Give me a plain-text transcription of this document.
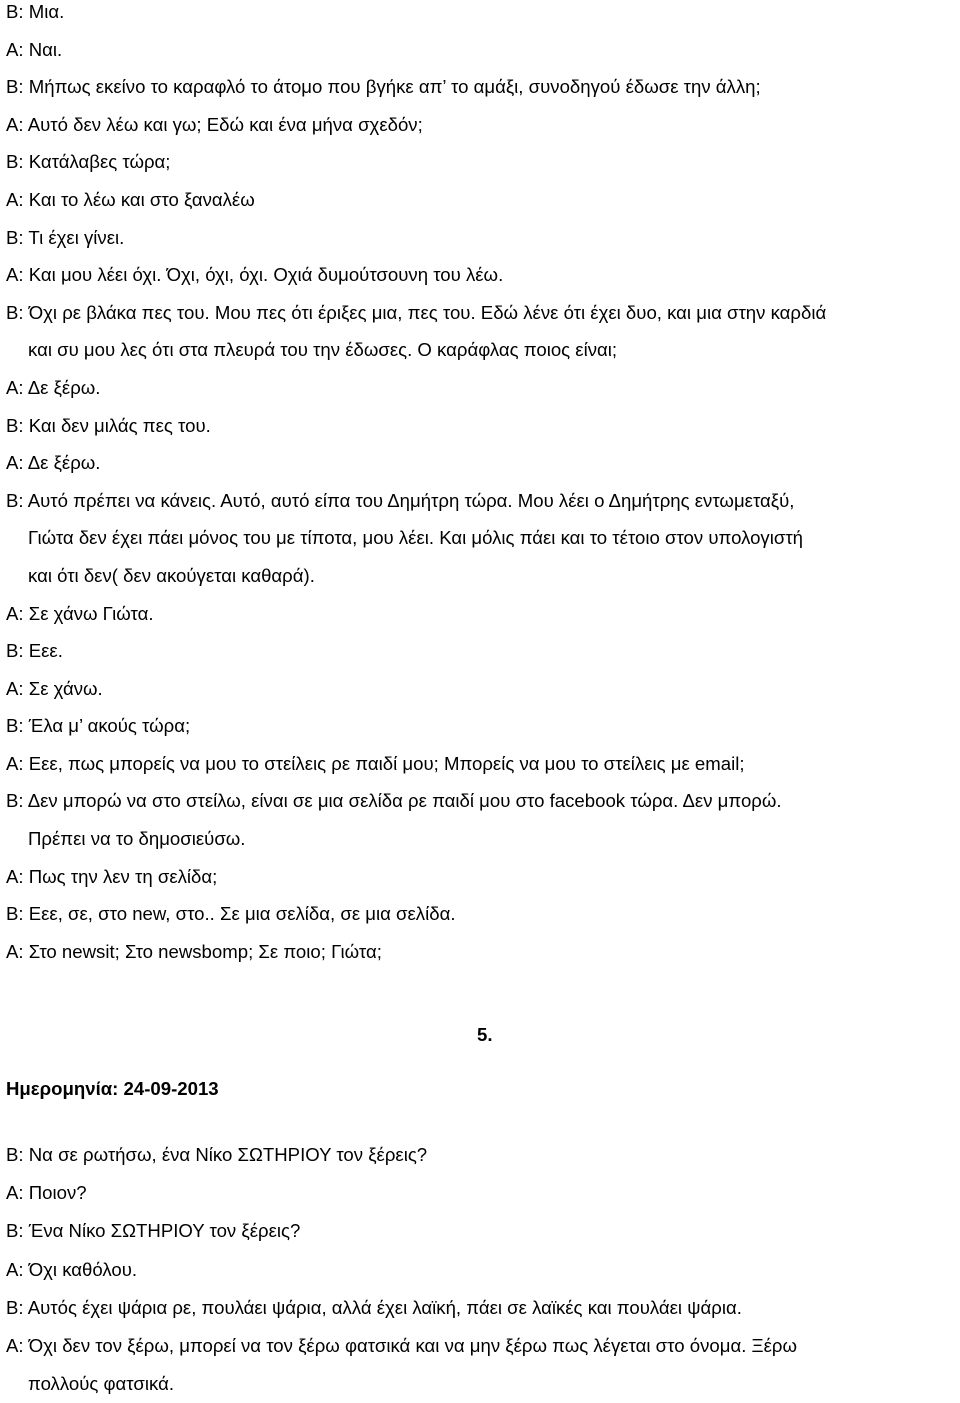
Β: Μια.
Α: Ναι.
Β: Μήπως εκείνο το καραφλό το άτομο που βγήκε απ’ το αμάξι, συνοδηγού έδωσε την άλλη;
Α: Αυτό δεν λέω και γω; Εδώ και ένα μήνα σχεδόν;
Β: Κατάλαβες τώρα;
Α: Και το λέω και στο ξαναλέω
Β: Τι έχει γίνει.
Α: Και μου λέει όχι. Όχι, όχι, όχι. Οχιά δυμούτσουνη του λέω.
Β: Όχι ρε βλάκα πες του. Μου πες ότι έριξες μια, πες του. Εδώ λένε ότι έχει δυο, και μια στην καρδιά
και συ μου λες ότι στα πλευρά του την έδωσες. Ο καράφλας ποιος είναι;
Α: Δε ξέρω.
Β: Και δεν μιλάς πες του.
Α: Δε ξέρω.
Β: Αυτό πρέπει να κάνεις. Αυτό, αυτό είπα του Δημήτρη τώρα. Μου λέει ο Δημήτρης εντωμεταξύ,
Γιώτα δεν έχει πάει μόνος του με τίποτα, μου λέει. Και μόλις πάει και το τέτοιο στον υπολογιστή
και ότι δεν( δεν ακούγεται καθαρά).
Α: Σε χάνω Γιώτα.
Β: Εεε.
Α: Σε χάνω.
Β: Έλα μ’ ακούς τώρα;
Α: Εεε, πως μπορείς να μου το στείλεις ρε παιδί μου; Μπορείς να μου το στείλεις με email;
Β: Δεν μπορώ να στο στείλω, είναι σε μια σελίδα ρε παιδί μου στο facebook τώρα. Δεν μπορώ.
Πρέπει να το δημοσιεύσω.
Α: Πως την λεν τη σελίδα;
Β: Εεε, σε, στο new, στο.. Σε μια σελίδα, σε μια σελίδα.
Α: Στο newsit; Στο newsbomp; Σε ποιο; Γιώτα;
5.
Ημερομηνία: 24-09-2013
Β: Να σε ρωτήσω, ένα Νίκο ΣΩΤΗΡΙΟΥ τον ξέρεις?
Α: Ποιον?
Β: Ένα Νίκο ΣΩΤΗΡΙΟΥ τον ξέρεις?
Α: Όχι καθόλου.
Β: Αυτός έχει ψάρια ρε, πουλάει ψάρια, αλλά έχει λαϊκή, πάει σε λαϊκές και πουλάει ψάρια.
Α: Όχι δεν τον ξέρω, μπορεί να τον ξέρω φατσικά και να μην ξέρω πως λέγεται στο όνομα. Ξέρω
πολλούς φατσικά.
